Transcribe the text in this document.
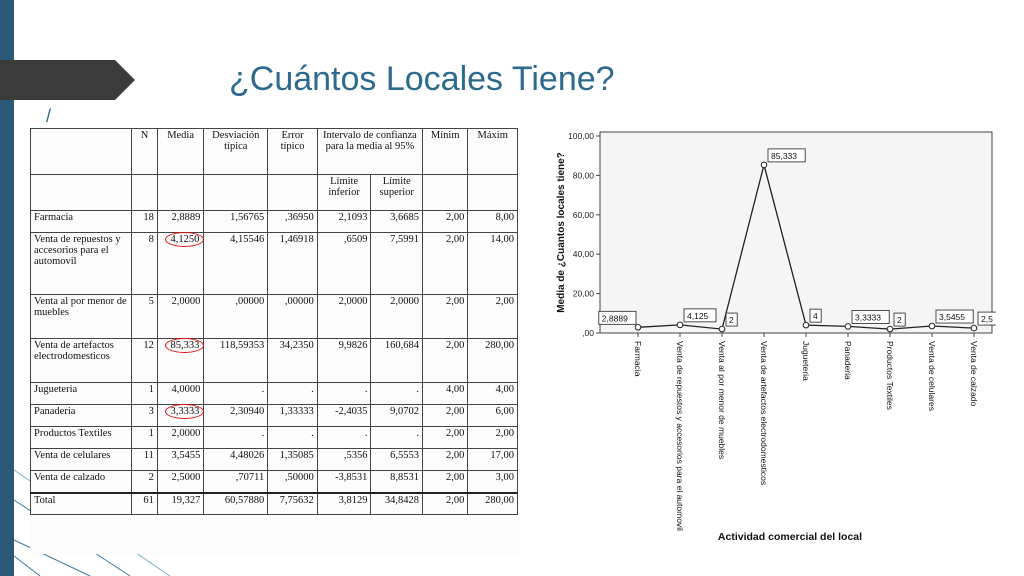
¿Cuántos Locales Tiene?
/
	N	Media	Desviación típica	Error típico	Intervalo de confianza para la media al 95%		Mínim	Máxim
					Límite inferior	Límite superior		
Farmacia	18	2,8889	1,56765	,36950	2,1093	3,6685	2,00	8,00
Venta de repuestos y accesorios para el automovil	8	4,1250	4,15546	1,46918	,6509	7,5991	2,00	14,00
Venta al por menor de muebles	5	2,0000	,00000	,00000	2,0000	2,0000	2,00	2,00
Venta de artefactos electrodomesticos	12	85,333	118,59353	34,2350	9,9826	160,684	2,00	280,00
Jugueteria	1	4,0000	.	.	.	.	4,00	4,00
Panaderia	3	3,3333	2,30940	1,33333	-2,4035	9,0702	2,00	6,00
Productos Textiles	1	2,0000	.	.	.	.	2,00	2,00
Venta de celulares	11	3,5455	4,48026	1,35085	,5356	6,5553	2,00	17,00
Venta de calzado	2	2,5000	,70711	,50000	-3,8531	8,8531	2,00	3,00
Total	61	19,327	60,57880	7,75632	3,8129	34,8428	2,00	280,00
100,00
80,00
60,00
40,00
20,00
,00
Media de ¿Cuantos locales tiene?
2,8889	4,125 2
85,333
4	3,3333 2	3,5455 2,5
Farmacia	Venta de repuestos y accesorios para el automovil	Venta al por menor de muebles	Venta de artefactos electrodomesticos	Jugueteria	Panaderia	Productos Textiles	Venta de celulares	Venta de calzado
Actividad comercial del local
